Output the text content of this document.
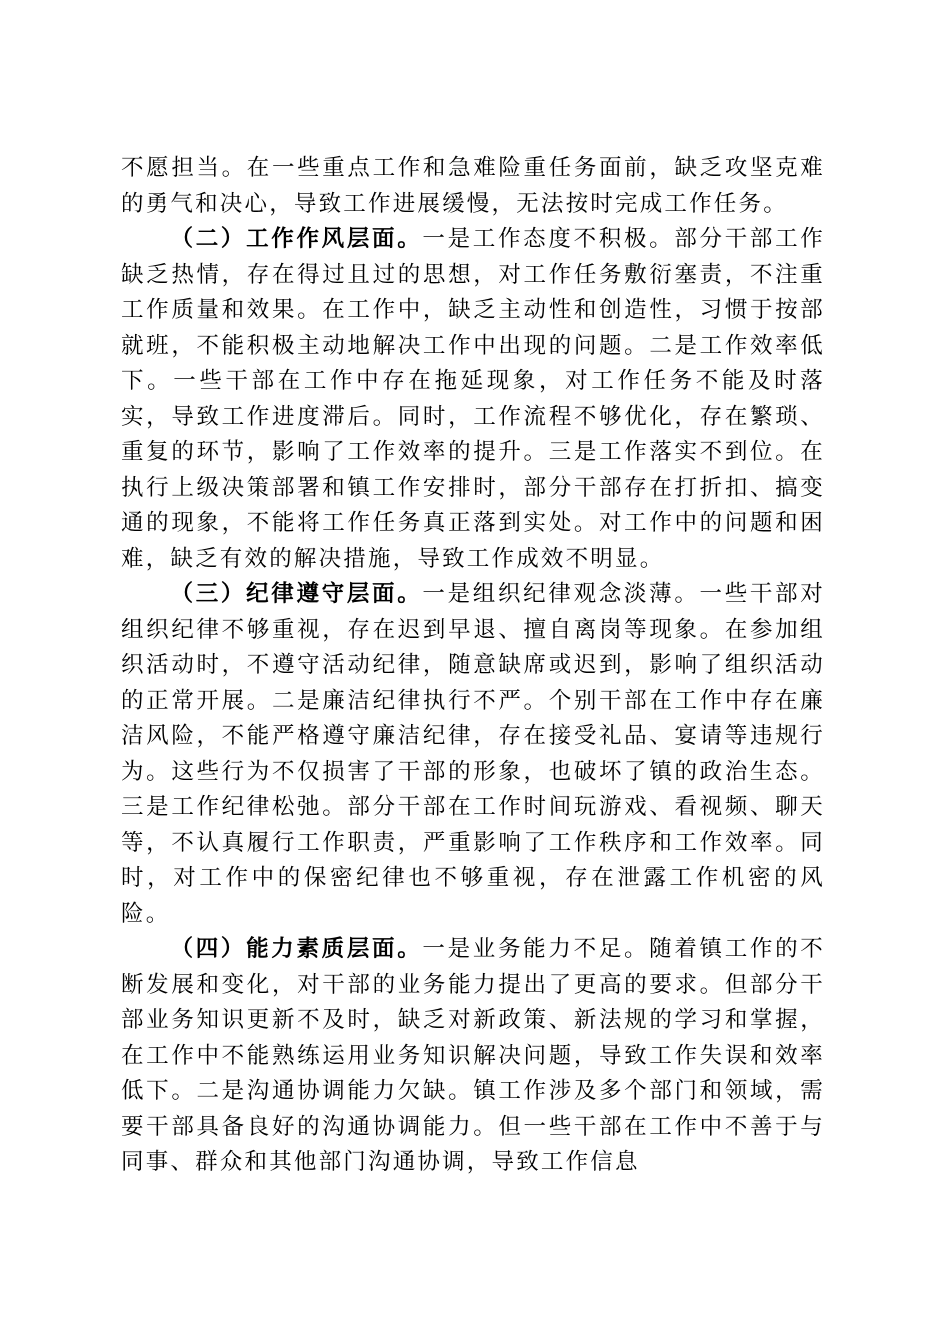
不愿担当。在一些重点工作和急难险重任务面前，缺乏攻坚克难的勇气和决心，导致工作进展缓慢，无法按时完成工作任务。

（二）工作作风层面。一是工作态度不积极。部分干部工作缺乏热情，存在得过且过的思想，对工作任务敷衍塞责，不注重工作质量和效果。在工作中，缺乏主动性和创造性，习惯于按部就班，不能积极主动地解决工作中出现的问题。二是工作效率低下。一些干部在工作中存在拖延现象，对工作任务不能及时落实，导致工作进度滞后。同时，工作流程不够优化，存在繁琐、重复的环节，影响了工作效率的提升。三是工作落实不到位。在执行上级决策部署和镇工作安排时，部分干部存在打折扣、搞变通的现象，不能将工作任务真正落到实处。对工作中的问题和困难，缺乏有效的解决措施，导致工作成效不明显。

（三）纪律遵守层面。一是组织纪律观念淡薄。一些干部对组织纪律不够重视，存在迟到早退、擅自离岗等现象。在参加组织活动时，不遵守活动纪律，随意缺席或迟到，影响了组织活动的正常开展。二是廉洁纪律执行不严。个别干部在工作中存在廉洁风险，不能严格遵守廉洁纪律，存在接受礼品、宴请等违规行为。这些行为不仅损害了干部的形象，也破坏了镇的政治生态。三是工作纪律松弛。部分干部在工作时间玩游戏、看视频、聊天等，不认真履行工作职责，严重影响了工作秩序和工作效率。同时，对工作中的保密纪律也不够重视，存在泄露工作机密的风险。

（四）能力素质层面。一是业务能力不足。随着镇工作的不断发展和变化，对干部的业务能力提出了更高的要求。但部分干部业务知识更新不及时，缺乏对新政策、新法规的学习和掌握，在工作中不能熟练运用业务知识解决问题，导致工作失误和效率低下。二是沟通协调能力欠缺。镇工作涉及多个部门和领域，需要干部具备良好的沟通协调能力。但一些干部在工作中不善于与同事、群众和其他部门沟通协调，导致工作信息
